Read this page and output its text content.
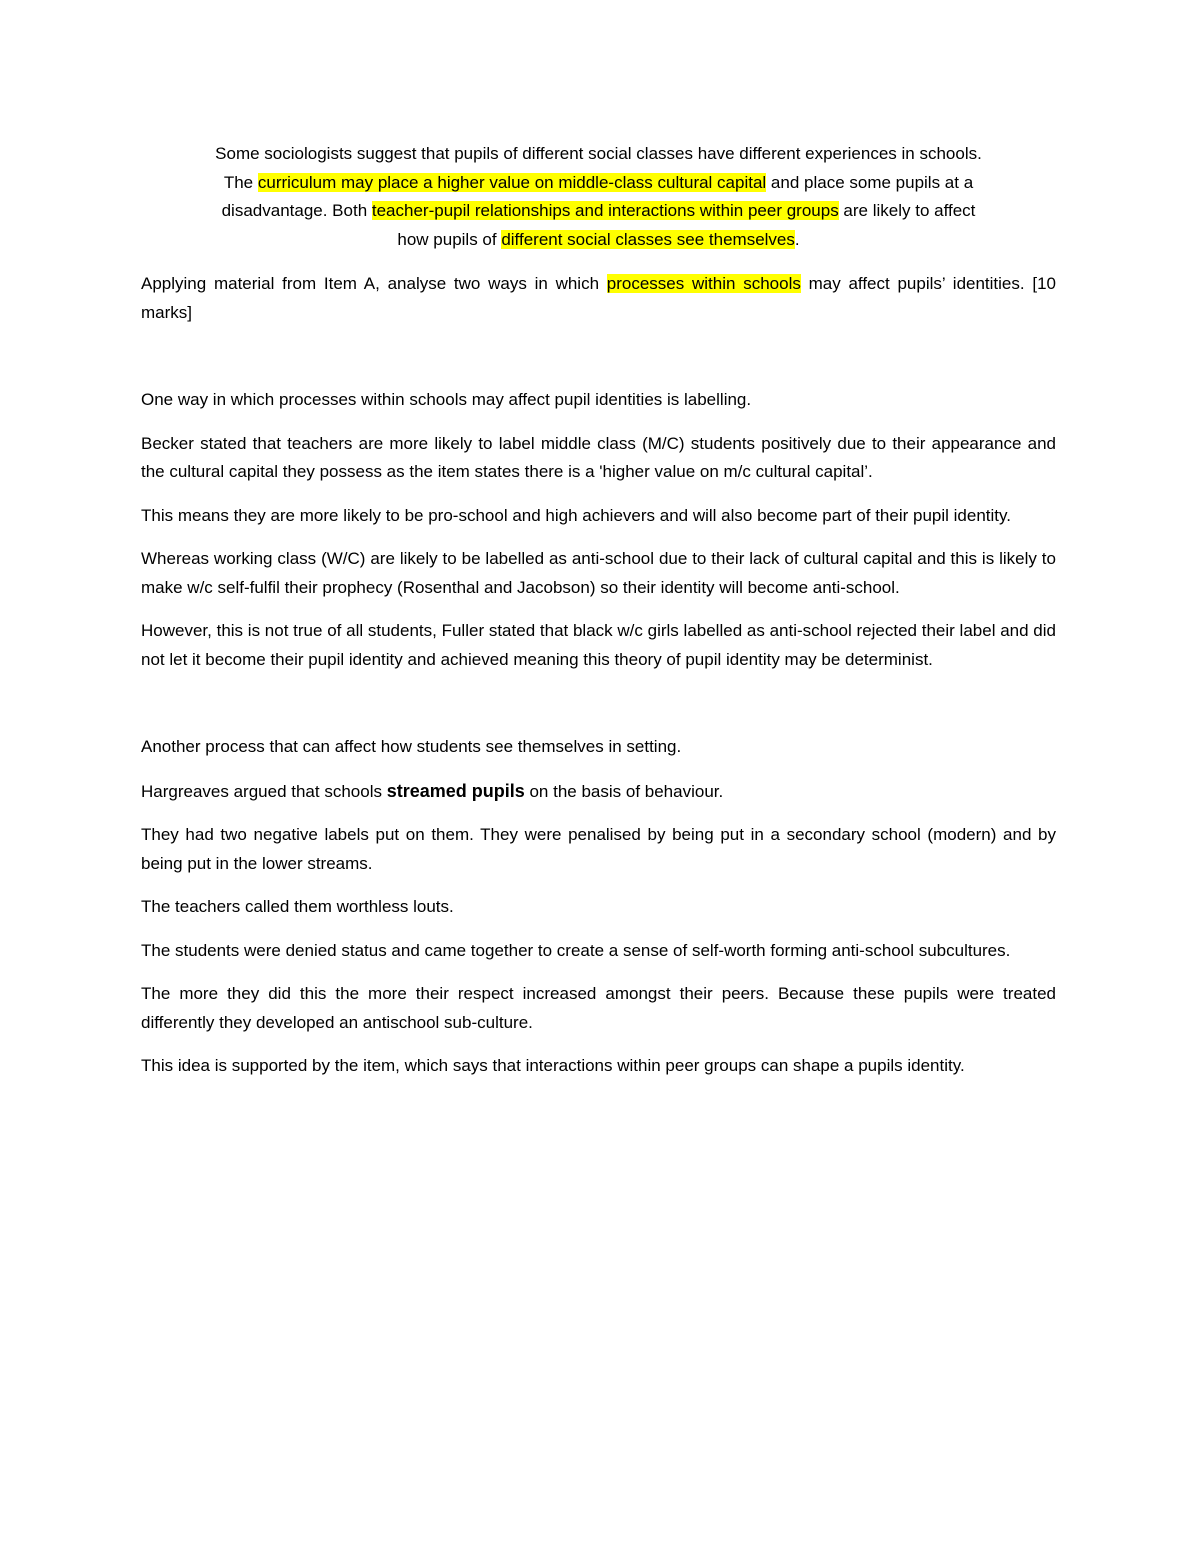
Some sociologists suggest that pupils of different social classes have different experiences in schools.
The curriculum may place a higher value on middle-class cultural capital and place some pupils at a
disadvantage. Both teacher-pupil relationships and interactions within peer groups are likely to affect
how pupils of different social classes see themselves.

Applying material from Item A, analyse two ways in which processes within schools may affect pupils’ identities. [10 marks]

One way in which processes within schools may affect pupil identities is labelling.

Becker stated that teachers are more likely to label middle class (M/C) students positively due to their appearance and the cultural capital they possess as the item states there is a 'higher value on m/c cultural capital’.

This means they are more likely to be pro-school and high achievers and will also become part of their pupil identity.

Whereas working class (W/C) are likely to be labelled as anti-school due to their lack of cultural capital and this is likely to make w/c self-fulfil their prophecy (Rosenthal and Jacobson) so their identity will become anti-school.

However, this is not true of all students, Fuller stated that black w/c girls labelled as anti-school rejected their label and did not let it become their pupil identity and achieved meaning this theory of pupil identity may be determinist.

Another process that can affect how students see themselves in setting.

Hargreaves argued that schools streamed pupils on the basis of behaviour.

They had two negative labels put on them. They were penalised by being put in a secondary school (modern) and by being put in the lower streams.

The teachers called them worthless louts.

The students were denied status and came together to create a sense of self-worth forming anti-school subcultures.

The more they did this the more their respect increased amongst their peers. Because these pupils were treated differently they developed an antischool sub-culture.

This idea is supported by the item, which says that interactions within peer groups can shape a pupils identity.
